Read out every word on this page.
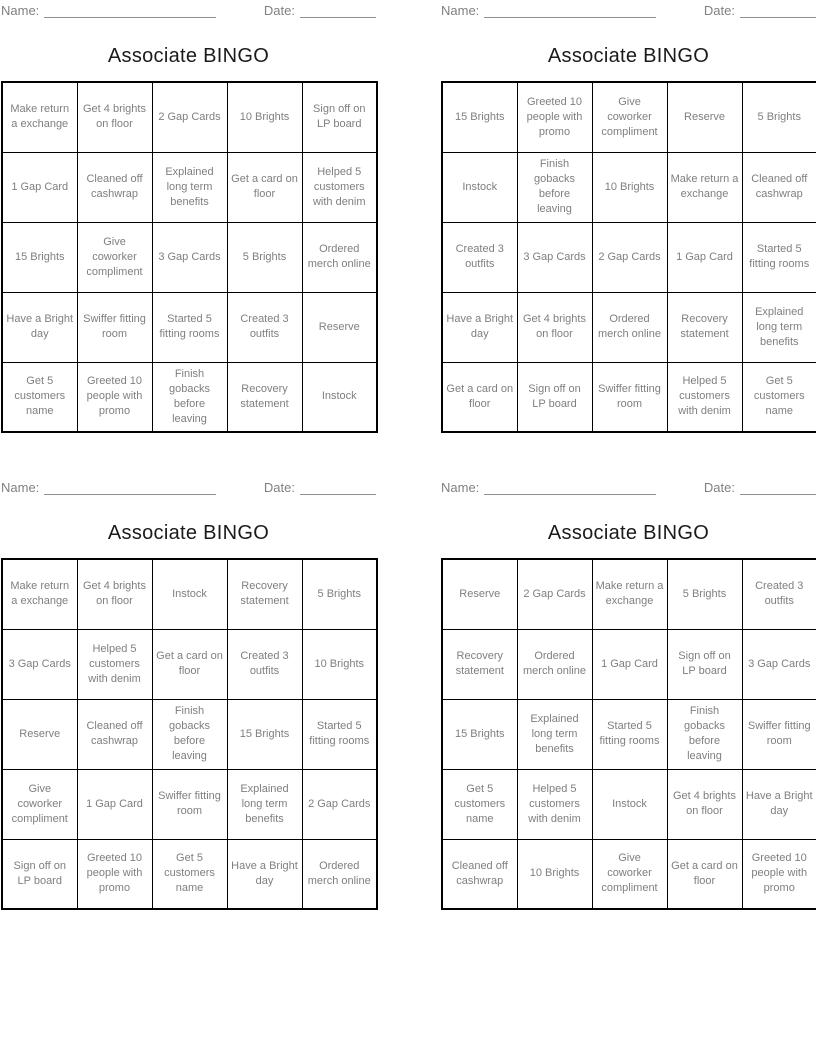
Name:	Date:
Associate BINGO
Make return a exchange	Get 4 brights on floor	2 Gap Cards	10 Brights	Sign off on LP board
1 Gap Card	Cleaned off cashwrap	Explained long term benefits	Get a card on floor	Helped 5 customers with denim
15 Brights	Give coworker compliment	3 Gap Cards	5 Brights	Ordered merch online
Have a Bright day	Swiffer fitting room	Started 5 fitting rooms	Created 3 outfits	Reserve
Get 5 customers name	Greeted 10 people with promo	Finish gobacks before leaving	Recovery statement	Instock
Name:	Date:
Associate BINGO
15 Brights	Greeted 10 people with promo	Give coworker compliment	Reserve	5 Brights
Instock	Finish gobacks before leaving	10 Brights	Make return a exchange	Cleaned off cashwrap
Created 3 outfits	3 Gap Cards	2 Gap Cards	1 Gap Card	Started 5 fitting rooms
Have a Bright day	Get 4 brights on floor	Ordered merch online	Recovery statement	Explained long term benefits
Get a card on floor	Sign off on LP board	Swiffer fitting room	Helped 5 customers with denim	Get 5 customers name
Name:	Date:
Associate BINGO
Make return a exchange	Get 4 brights on floor	Instock	Recovery statement	5 Brights
3 Gap Cards	Helped 5 customers with denim	Get a card on floor	Created 3 outfits	10 Brights
Reserve	Cleaned off cashwrap	Finish gobacks before leaving	15 Brights	Started 5 fitting rooms
Give coworker compliment	1 Gap Card	Swiffer fitting room	Explained long term benefits	2 Gap Cards
Sign off on LP board	Greeted 10 people with promo	Get 5 customers name	Have a Bright day	Ordered merch online
Name:	Date:
Associate BINGO
Reserve	2 Gap Cards	Make return a exchange	5 Brights	Created 3 outfits
Recovery statement	Ordered merch online	1 Gap Card	Sign off on LP board	3 Gap Cards
15 Brights	Explained long term benefits	Started 5 fitting rooms	Finish gobacks before leaving	Swiffer fitting room
Get 5 customers name	Helped 5 customers with denim	Instock	Get 4 brights on floor	Have a Bright day
Cleaned off cashwrap	10 Brights	Give coworker compliment	Get a card on floor	Greeted 10 people with promo
